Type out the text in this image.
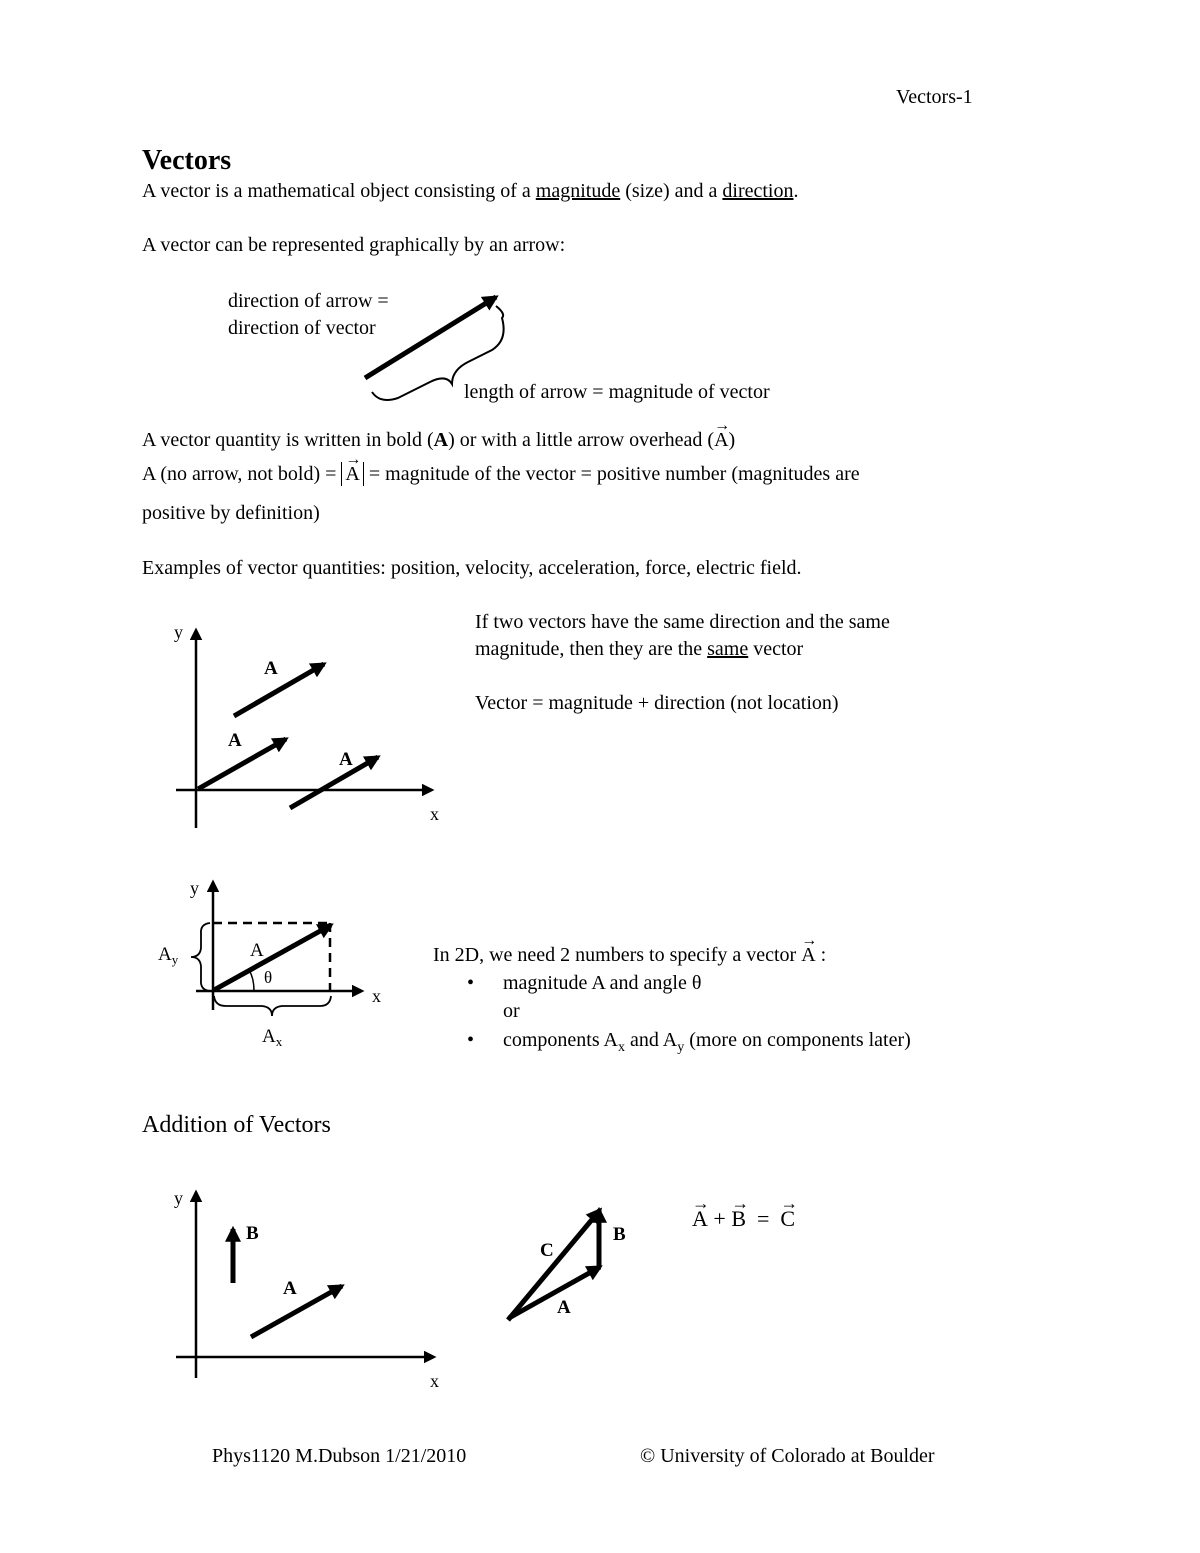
Vectors-1
Vectors
A vector is a mathematical object consisting of a magnitude (size) and a direction.
A vector can be represented graphically by an arrow:
direction of arrow =
direction of vector
length of arrow = magnitude of vector
y
x
A
A
A
y
x
A
θ
$A_y$
$A_x$
y
x
B
A
C
B
A
A vector quantity is written in bold (A) or with a little arrow overhead (→ A)
A (no arrow, not bold) = → A = magnitude of the vector = positive number (magnitudes are
positive by definition)
Examples of vector quantities: position, velocity, acceleration, force, electric field.
If two vectors have the same direction and the same
magnitude, then they are the same vector
Vector = magnitude + direction (not location)
In 2D, we need 2 numbers to specify a vector → A :
• magnitude A and angle θ
or
• components $A_x$ and $A_y$ (more on components later)
Addition of Vectors
→ A + → B = → C
Phys1120 M.Dubson 1/21/2010	© University of Colorado at Boulder
